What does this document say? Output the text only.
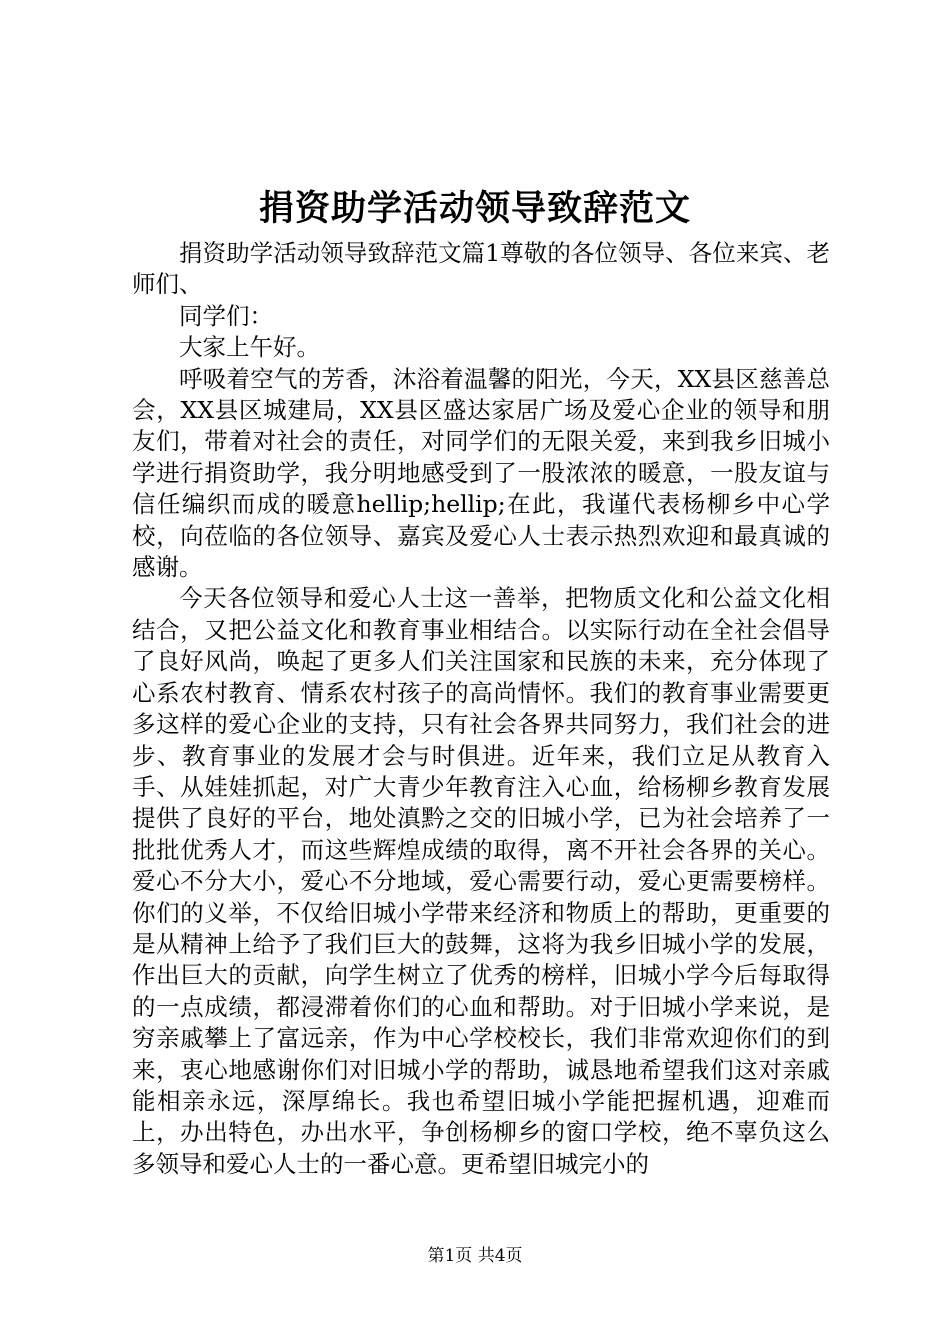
捐资助学活动领导致辞范文

捐资助学活动领导致辞范文篇1尊敬的各位领导、各位来宾、老师们、

同学们：

大家上午好。

呼吸着空气的芳香，沐浴着温馨的阳光，今天，XX县区慈善总会，XX县区城建局，XX县区盛达家居广场及爱心企业的领导和朋友们，带着对社会的责任，对同学们的无限关爱，来到我乡旧城小学进行捐资助学，我分明地感受到了一股浓浓的暖意，一股友谊与信任编织而成的暖意hellip;hellip;在此，我谨代表杨柳乡中心学校，向莅临的各位领导、嘉宾及爱心人士表示热烈欢迎和最真诚的感谢。

今天各位领导和爱心人士这一善举，把物质文化和公益文化相结合，又把公益文化和教育事业相结合。以实际行动在全社会倡导了良好风尚，唤起了更多人们关注国家和民族的未来，充分体现了心系农村教育、情系农村孩子的高尚情怀。我们的教育事业需要更多这样的爱心企业的支持，只有社会各界共同努力，我们社会的进步、教育事业的发展才会与时俱进。近年来，我们立足从教育入手、从娃娃抓起，对广大青少年教育注入心血，给杨柳乡教育发展提供了良好的平台，地处滇黔之交的旧城小学，已为社会培养了一批批优秀人才，而这些辉煌成绩的取得，离不开社会各界的关心。爱心不分大小，爱心不分地域，爱心需要行动，爱心更需要榜样。你们的义举，不仅给旧城小学带来经济和物质上的帮助，更重要的是从精神上给予了我们巨大的鼓舞，这将为我乡旧城小学的发展，作出巨大的贡献，向学生树立了优秀的榜样，旧城小学今后每取得的一点成绩，都浸滞着你们的心血和帮助。对于旧城小学来说，是穷亲戚攀上了富远亲，作为中心学校校长，我们非常欢迎你们的到来，衷心地感谢你们对旧城小学的帮助，诚恳地希望我们这对亲戚能相亲永远，深厚绵长。我也希望旧城小学能把握机遇，迎难而上，办出特色，办出水平，争创杨柳乡的窗口学校，绝不辜负这么多领导和爱心人士的一番心意。更希望旧城完小的

第1页 共4页
